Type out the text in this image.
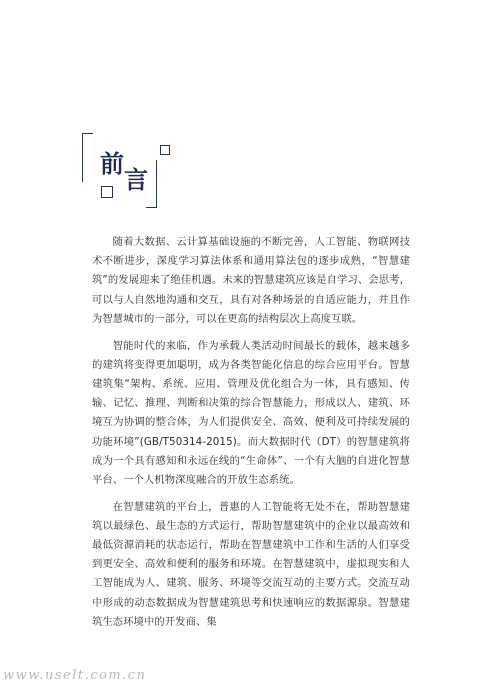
前
言

随着大数据、云计算基础设施的不断完善，人工智能、物联网技术不断进步，深度学习算法体系和通用算法包的逐步成熟，“智慧建筑”的发展迎来了绝佳机遇。未来的智慧建筑应该是自学习、会思考，可以与人自然地沟通和交互，具有对各种场景的自适应能力，并且作为智慧城市的一部分，可以在更高的结构层次上高度互联。

智能时代的来临，作为承载人类活动时间最长的载体，越来越多的建筑将变得更加聪明，成为各类智能化信息的综合应用平台。智慧建筑集“架构、系统、应用、管理及优化组合为一体，具有感知、传输、记忆、推理、判断和决策的综合智慧能力，形成以人、建筑、环境互为协调的整合体，为人们提供安全、高效、便利及可持续发展的功能环境”(GB/T50314-2015)。而大数据时代（DT）的智慧建筑将成为一个具有感知和永远在线的“生命体”、一个有大脑的自进化智慧平台、一个人机物深度融合的开放生态系统。

在智慧建筑的平台上，普惠的人工智能将无处不在，帮助智慧建筑以最绿色、最生态的方式运行，帮助智慧建筑中的企业以最高效和最低资源消耗的状态运行，帮助在智慧建筑中工作和生活的人们享受到更安全、高效和便利的服务和环境。在智慧建筑中，虚拟现实和人工智能成为人、建筑、服务、环境等交流互动的主要方式。交流互动中形成的动态数据成为智慧建筑思考和快速响应的数据源泉。智慧建筑生态环境中的开发商、集

www.uselt.com.cn
